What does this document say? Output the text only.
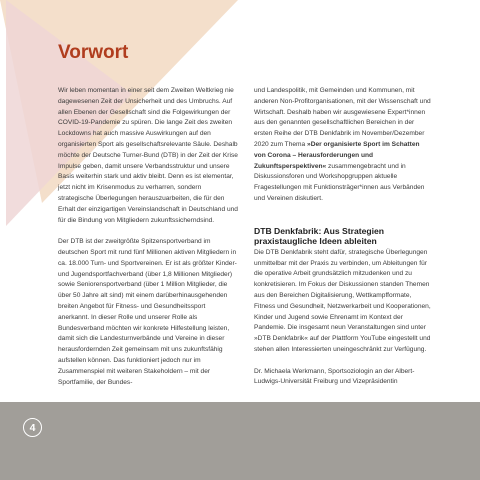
Vorwort

Wir leben momentan in einer seit dem Zweiten Weltkrieg nie dagewesenen Zeit der Unsicherheit und des Umbruchs. Auf allen Ebenen der Gesellschaft sind die Folgewirkungen der COVID-19-Pandemie zu spüren. Die lange Zeit des zweiten Lockdowns hat auch massive Auswirkungen auf den organisierten Sport als gesellschaftsrelevante Säule. Deshalb möchte der Deutsche Turner-Bund (DTB) in der Zeit der Krise Impulse geben, damit unsere Verbandsstruktur und unsere Basis weiterhin stark und aktiv bleibt. Denn es ist elementar, jetzt nicht im Krisenmodus zu verharren, sondern strategische Überlegungen herauszuarbeiten, die für den Erhalt der einzigartigen Vereinslandschaft in Deutschland und für die Bindung von Mitgliedern zukunftssicherndsind.

Der DTB ist der zweitgrößte Spitzensportverband im deutschen Sport mit rund fünf Millionen aktiven Mitgliedern in ca. 18.000 Turn- und Sportvereinen. Er ist als größter Kinder- und Jugendsportfachverband (über 1,8 Millionen Mitglieder) sowie Seniorensportverband (über 1 Million Mitglieder, die über 50 Jahre alt sind) mit einem darüberhinausgehenden breiten Angebot für Fitness- und Gesundheitssport anerkannt. In dieser Rolle und unserer Rolle als Bundesverband möchten wir konkrete Hilfestellung leisten, damit sich die Landesturnverbände und Vereine in dieser herausfordernden Zeit gemeinsam mit uns zukunftsfähig aufstellen können. Das funktioniert jedoch nur im Zusammenspiel mit weiteren Stakeholdern – mit der Sportfamilie, der Bundes-

und Landespolitik, mit Gemeinden und Kommunen, mit anderen Non-Profitorganisationen, mit der Wissenschaft und Wirtschaft. Deshalb haben wir ausgewiesene Expert*innen aus den genannten gesellschaftlichen Bereichen in der ersten Reihe der DTB Denkfabrik im November/Dezember 2020 zum Thema »Der organisierte Sport im Schatten von Corona – Herausforderungen und Zukunftsperspektiven« zusammengebracht und in Diskussionsforen und Workshopgruppen aktuelle Fragestellungen mit Funktionsträger*innen aus Verbänden und Vereinen diskutiert.

DTB Denkfabrik: Aus Strategien praxistaugliche Ideen ableiten

Die DTB Denkfabrik steht dafür, strategische Überlegungen unmittelbar mit der Praxis zu verbinden, um Ableitungen für die operative Arbeit grundsätzlich mitzudenken und zu konkretisieren. Im Fokus der Diskussionen standen Themen aus den Bereichen Digitalisierung, Wettkampfformate, Fitness und Gesundheit, Netzwerkarbeit und Kooperationen, Kinder und Jugend sowie Ehrenamt im Kontext der Pandemie. Die insgesamt neun Veranstaltungen sind unter »DTB Denkfabrik« auf der Plattform YouTube eingestellt und stehen allen Interessierten uneingeschränkt zur Verfügung.

Dr. Michaela Werkmann, Sportsoziologin an der Albert-Ludwigs-Universität Freiburg und Vizepräsidentin

4
